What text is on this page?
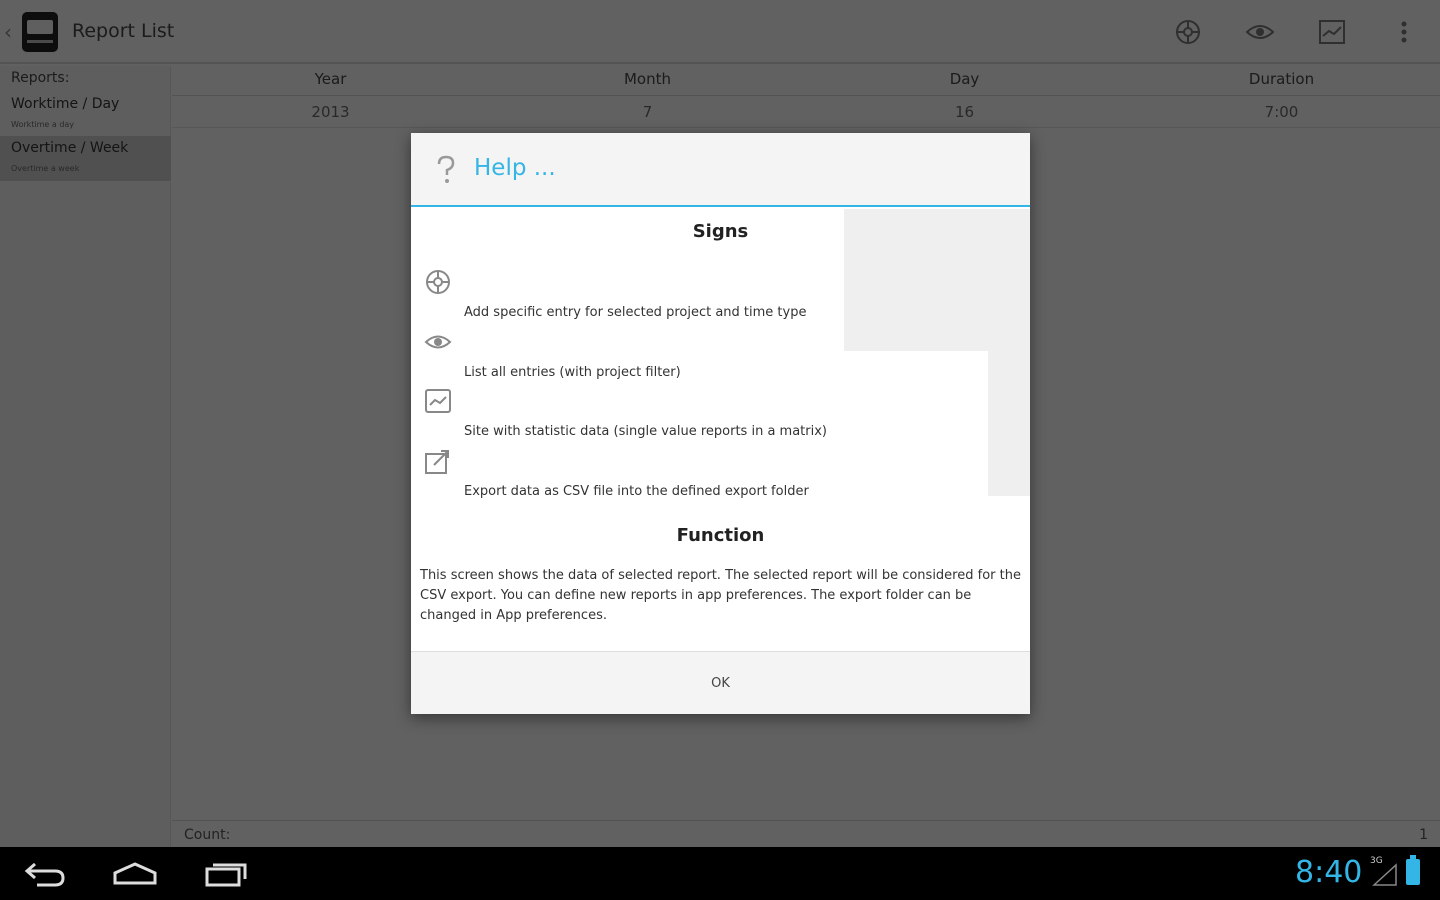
Help ...
Signs
Add specific entry for selected project and time type
List all entries (with project filter)
Site with statistic data (single value reports in a matrix)
Export data as CSV file into the defined export folder
Function

This screen shows the data of selected report. The selected report will be considered for the CSV export. You can define new reports in app preferences. The export folder can be changed in App preferences.

OK
8:40 3G
